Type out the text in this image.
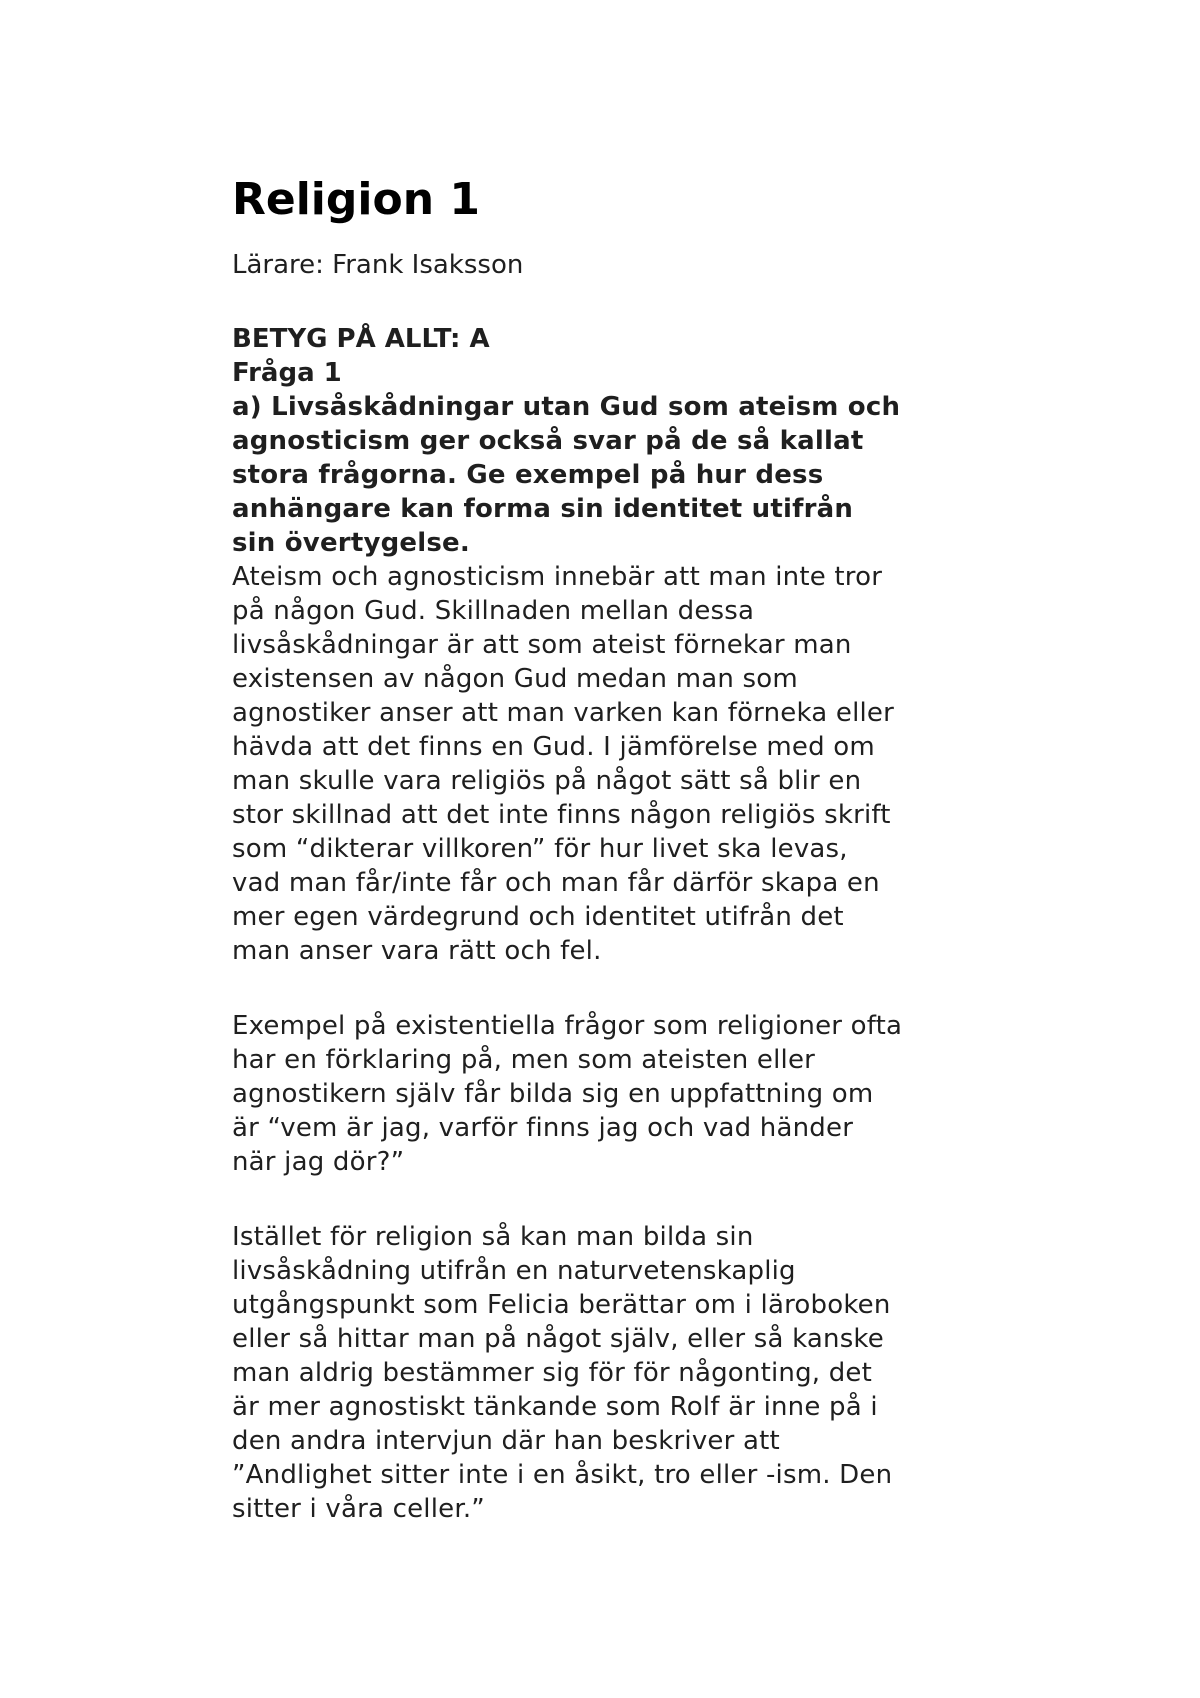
Religion 1

Lärare: Frank Isaksson

BETYG PÅ ALLT: A

Fråga 1

a) Livsåskådningar utan Gud som ateism och
agnosticism ger också svar på de så kallat
stora frågorna. Ge exempel på hur dess
anhängare kan forma sin identitet utifrån
sin övertygelse.

Ateism och agnosticism innebär att man inte tror
på någon Gud. Skillnaden mellan dessa
livsåskådningar är att som ateist förnekar man
existensen av någon Gud medan man som
agnostiker anser att man varken kan förneka eller
hävda att det finns en Gud. I jämförelse med om
man skulle vara religiös på något sätt så blir en
stor skillnad att det inte finns någon religiös skrift
som “dikterar villkoren” för hur livet ska levas,
vad man får/inte får och man får därför skapa en
mer egen värdegrund och identitet utifrån det
man anser vara rätt och fel.

Exempel på existentiella frågor som religioner ofta
har en förklaring på, men som ateisten eller
agnostikern själv får bilda sig en uppfattning om
är “vem är jag, varför finns jag och vad händer
när jag dör?”

Istället för religion så kan man bilda sin
livsåskådning utifrån en naturvetenskaplig
utgångspunkt som Felicia berättar om i läroboken
eller så hittar man på något själv, eller så kanske
man aldrig bestämmer sig för för någonting, det
är mer agnostiskt tänkande som Rolf är inne på i
den andra intervjun där han beskriver att
”Andlighet sitter inte i en åsikt, tro eller -ism. Den
sitter i våra celler.”
